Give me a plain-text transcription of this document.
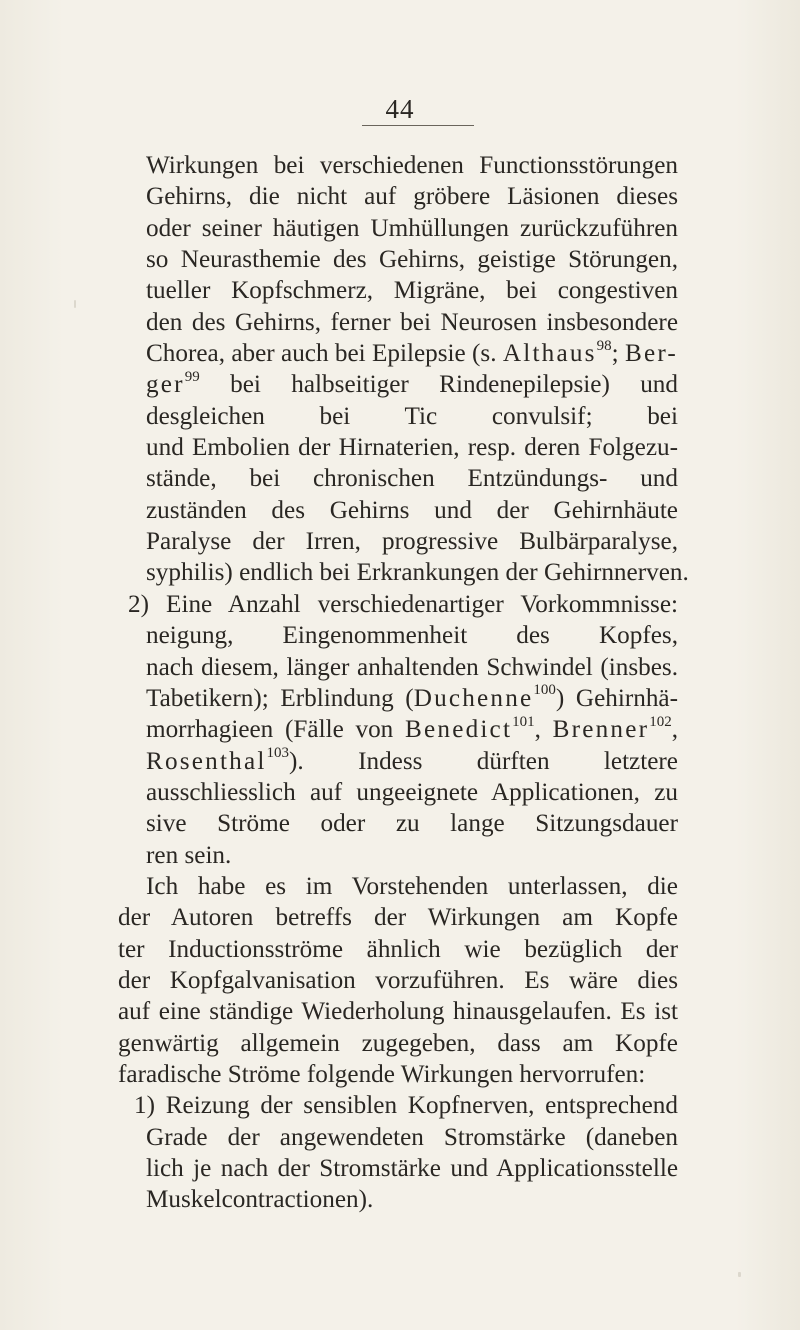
44
Wirkungen bei verschiedenen Functionsstörungen
Gehirns, die nicht auf gröbere Läsionen dieses
oder seiner häutigen Umhüllungen zurückzuführen
so Neurasthemie des Gehirns, geistige Störungen,
tueller Kopfschmerz, Migräne, bei congestiven
den des Gehirns, ferner bei Neurosen insbesondere
Chorea, aber auch bei Epilepsie (s. Althaus$^{98}$; Ber-
ger$^{99}$ bei halbseitiger Rindenepilepsie) und
desgleichen bei Tic convulsif; bei
und Embolien der Hirnaterien, resp. deren Folgezu-
stände, bei chronischen Entzündungs- und
zuständen des Gehirns und der Gehirnhäute
Paralyse der Irren, progressive Bulbärparalyse,
syphilis) endlich bei Erkrankungen der Gehirnnerven.
2) Eine Anzahl verschiedenartiger Vorkommnisse:
neigung, Eingenommenheit des Kopfes,
nach diesem, länger anhaltenden Schwindel (insbes.
Tabetikern); Erblindung (Duchenne$^{100}$) Gehirnhä-
morrhagieen (Fälle von Benedict$^{101}$, Brenner$^{102}$,
Rosenthal$^{103}$). Indess dürften letztere
ausschliesslich auf ungeeignete Applicationen, zu
sive Ströme oder zu lange Sitzungsdauer
ren sein.
Ich habe es im Vorstehenden unterlassen, die
der Autoren betreffs der Wirkungen am Kopfe
ter Inductionsströme ähnlich wie bezüglich der
der Kopfgalvanisation vorzuführen. Es wäre dies
auf eine ständige Wiederholung hinausgelaufen. Es ist
genwärtig allgemein zugegeben, dass am Kopfe
faradische Ströme folgende Wirkungen hervorrufen:
1) Reizung der sensiblen Kopfnerven, entsprechend
Grade der angewendeten Stromstärke (daneben
lich je nach der Stromstärke und Applicationsstelle
Muskelcontractionen).
